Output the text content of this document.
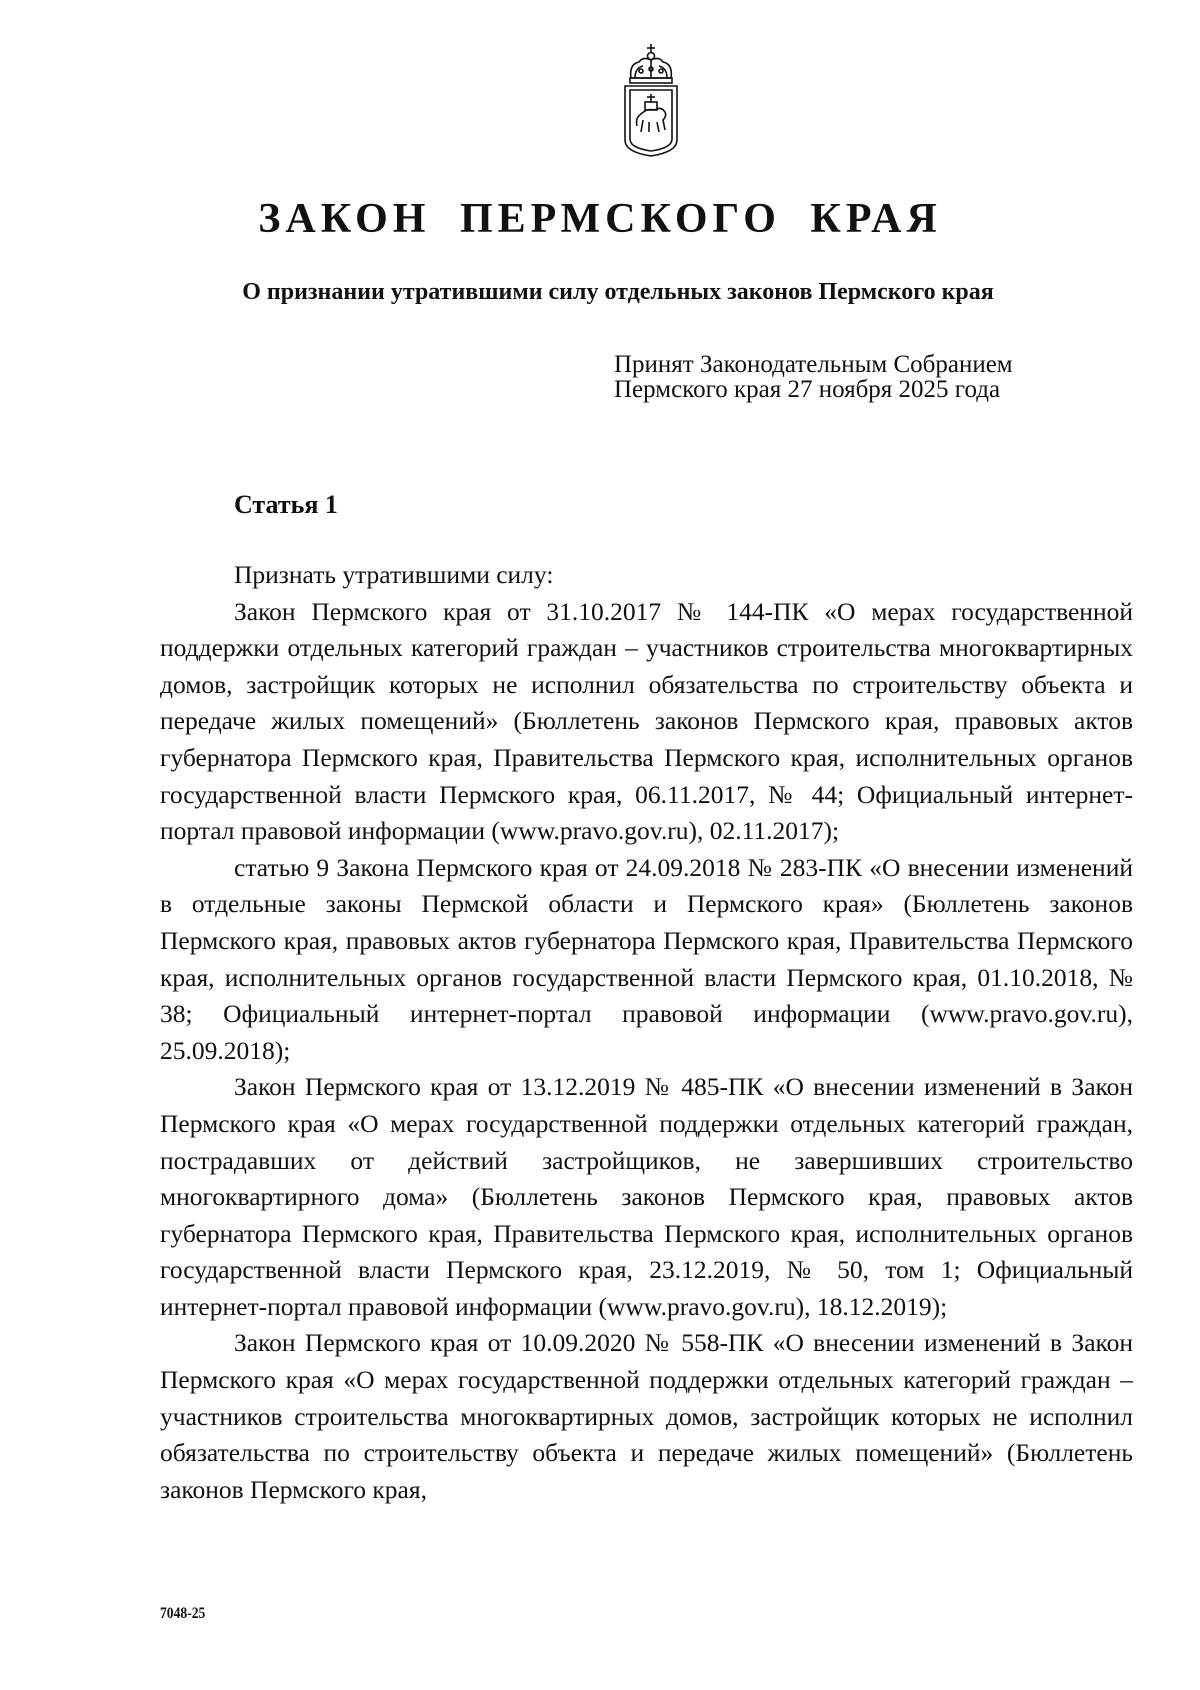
ЗАКОН ПЕРМСКОГО КРАЯ
О признании утратившими силу отдельных законов Пермского края
Принят Законодательным Собранием
Пермского края 27 ноября 2025 года
Статья 1

Признать утратившими силу:

Закон Пермского края от 31.10.2017 № 144-ПК «О мерах государственной поддержки отдельных категорий граждан – участников строительства многоквартирных домов, застройщик которых не исполнил обязательства по строительству объекта и передаче жилых помещений» (Бюллетень законов Пермского края, правовых актов губернатора Пермского края, Правительства Пермского края, исполнительных органов государственной власти Пермского края, 06.11.2017, № 44; Официальный интернет-портал правовой информации (www.pravo.gov.ru), 02.11.2017);

статью 9 Закона Пермского края от 24.09.2018 № 283-ПК «О внесении изменений в отдельные законы Пермской области и Пермского края» (Бюллетень законов Пермского края, правовых актов губернатора Пермского края, Правительства Пермского края, исполнительных органов государственной власти Пермского края, 01.10.2018, № 38; Официальный интернет-портал правовой информации (www.pravo.gov.ru), 25.09.2018);

Закон Пермского края от 13.12.2019 № 485-ПК «О внесении изменений в Закон Пермского края «О мерах государственной поддержки отдельных категорий граждан, пострадавших от действий застройщиков, не завершивших строительство многоквартирного дома» (Бюллетень законов Пермского края, правовых актов губернатора Пермского края, Правительства Пермского края, исполнительных органов государственной власти Пермского края, 23.12.2019, № 50, том 1; Официальный интернет-портал правовой информации (www.pravo.gov.ru), 18.12.2019);

Закон Пермского края от 10.09.2020 № 558-ПК «О внесении изменений в Закон Пермского края «О мерах государственной поддержки отдельных категорий граждан – участников строительства многоквартирных домов, застройщик которых не исполнил обязательства по строительству объекта и передаче жилых помещений» (Бюллетень законов Пермского края,

7048-25
